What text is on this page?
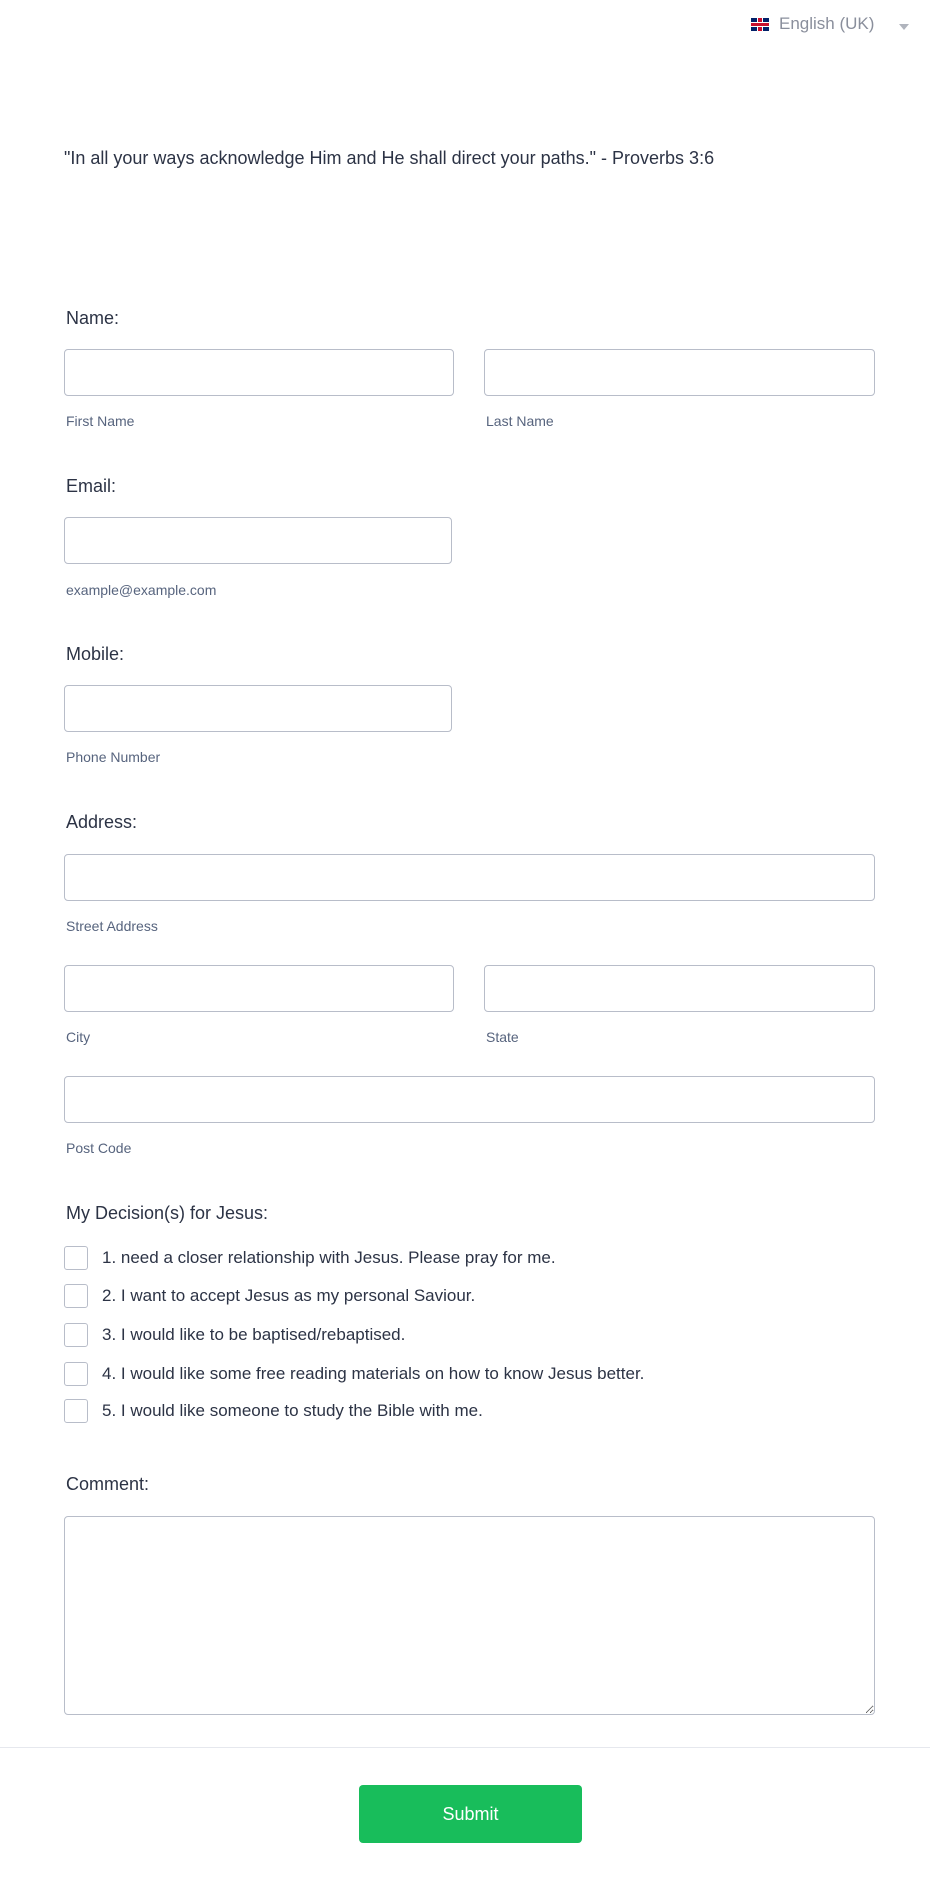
English (UK)
"In all your ways acknowledge Him and He shall direct your paths." - Proverbs 3:6
Name:
First Name	Last Name
Email:
example@example.com
Mobile:
Phone Number
Address:
Street Address
City	State
Post Code
My Decision(s) for Jesus:
1. need a closer relationship with Jesus. Please pray for me.
2. I want to accept Jesus as my personal Saviour.
3. I would like to be baptised/rebaptised.
4. I would like some free reading materials on how to know Jesus better.
5. I would like someone to study the Bible with me.
Comment:
Submit
